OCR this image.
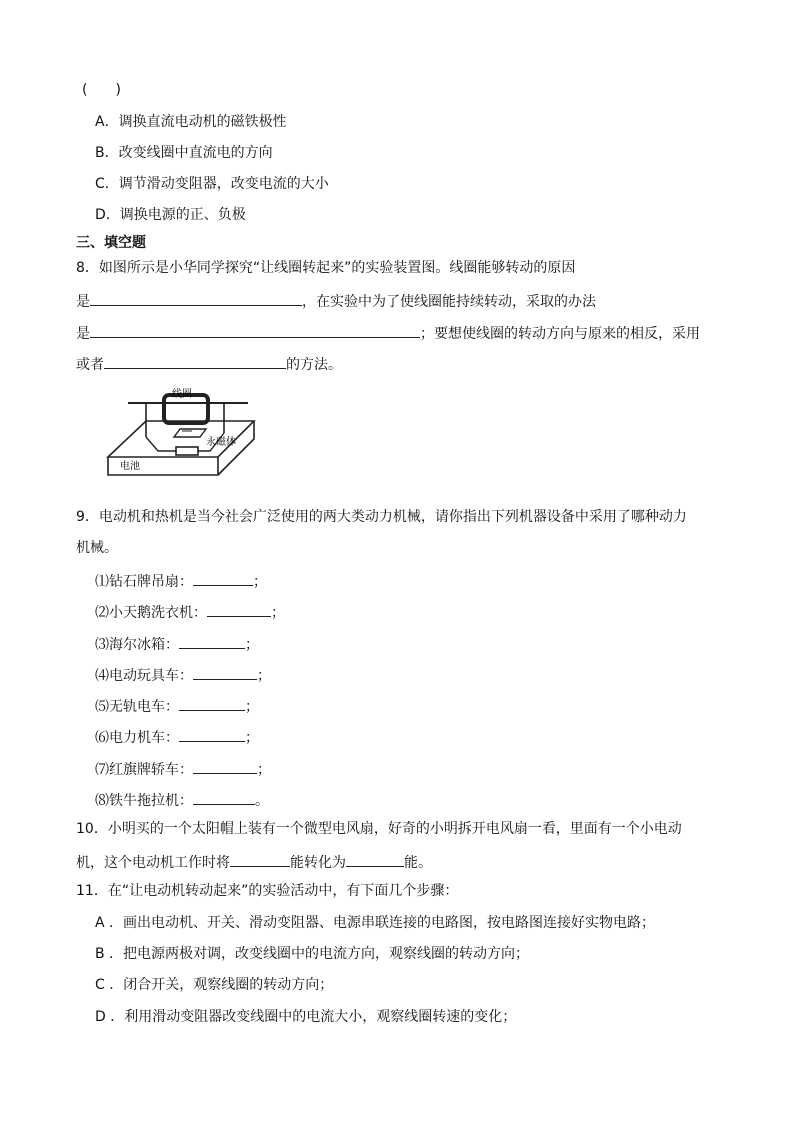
(　　)
A．调换直流电动机的磁铁极性
B．改变线圈中直流电的方向
C．调节滑动变阻器，改变电流的大小
D．调换电源的正、负极
三、填空题
8．如图所示是小华同学探究“让线圈转起来”的实验装置图。线圈能够转动的原因
是	，在实验中为了使线圈能持续转动，采取的办法
是	；要想使线圈的转动方向与原来的相反，采用
或者	的方法。
线圈
永磁体
电池
9．电动机和热机是当今社会广泛使用的两大类动力机械，请你指出下列机器设备中采用了哪种动力
机械。
⑴钻石牌吊扇：	；
⑵小天鹅洗衣机：	；
⑶海尔冰箱：	；
⑷电动玩具车：	；
⑸无轨电车：	；
⑹电力机车：	；
⑺红旗牌轿车：	；
⑻铁牛拖拉机：	。
10．小明买的一个太阳帽上装有一个微型电风扇，好奇的小明拆开电风扇一看，里面有一个小电动
机，这个电动机工作时将	能转化为	能。
11．在“让电动机转动起来”的实验活动中，有下面几个步骤：
A ．画出电动机、开关、滑动变阻器、电源串联连接的电路图，按电路图连接好实物电路；
B ．把电源两极对调，改变线圈中的电流方向，观察线圈的转动方向；
C ．闭合开关，观察线圈的转动方向；
D ．利用滑动变阻器改变线圈中的电流大小，观察线圈转速的变化；
